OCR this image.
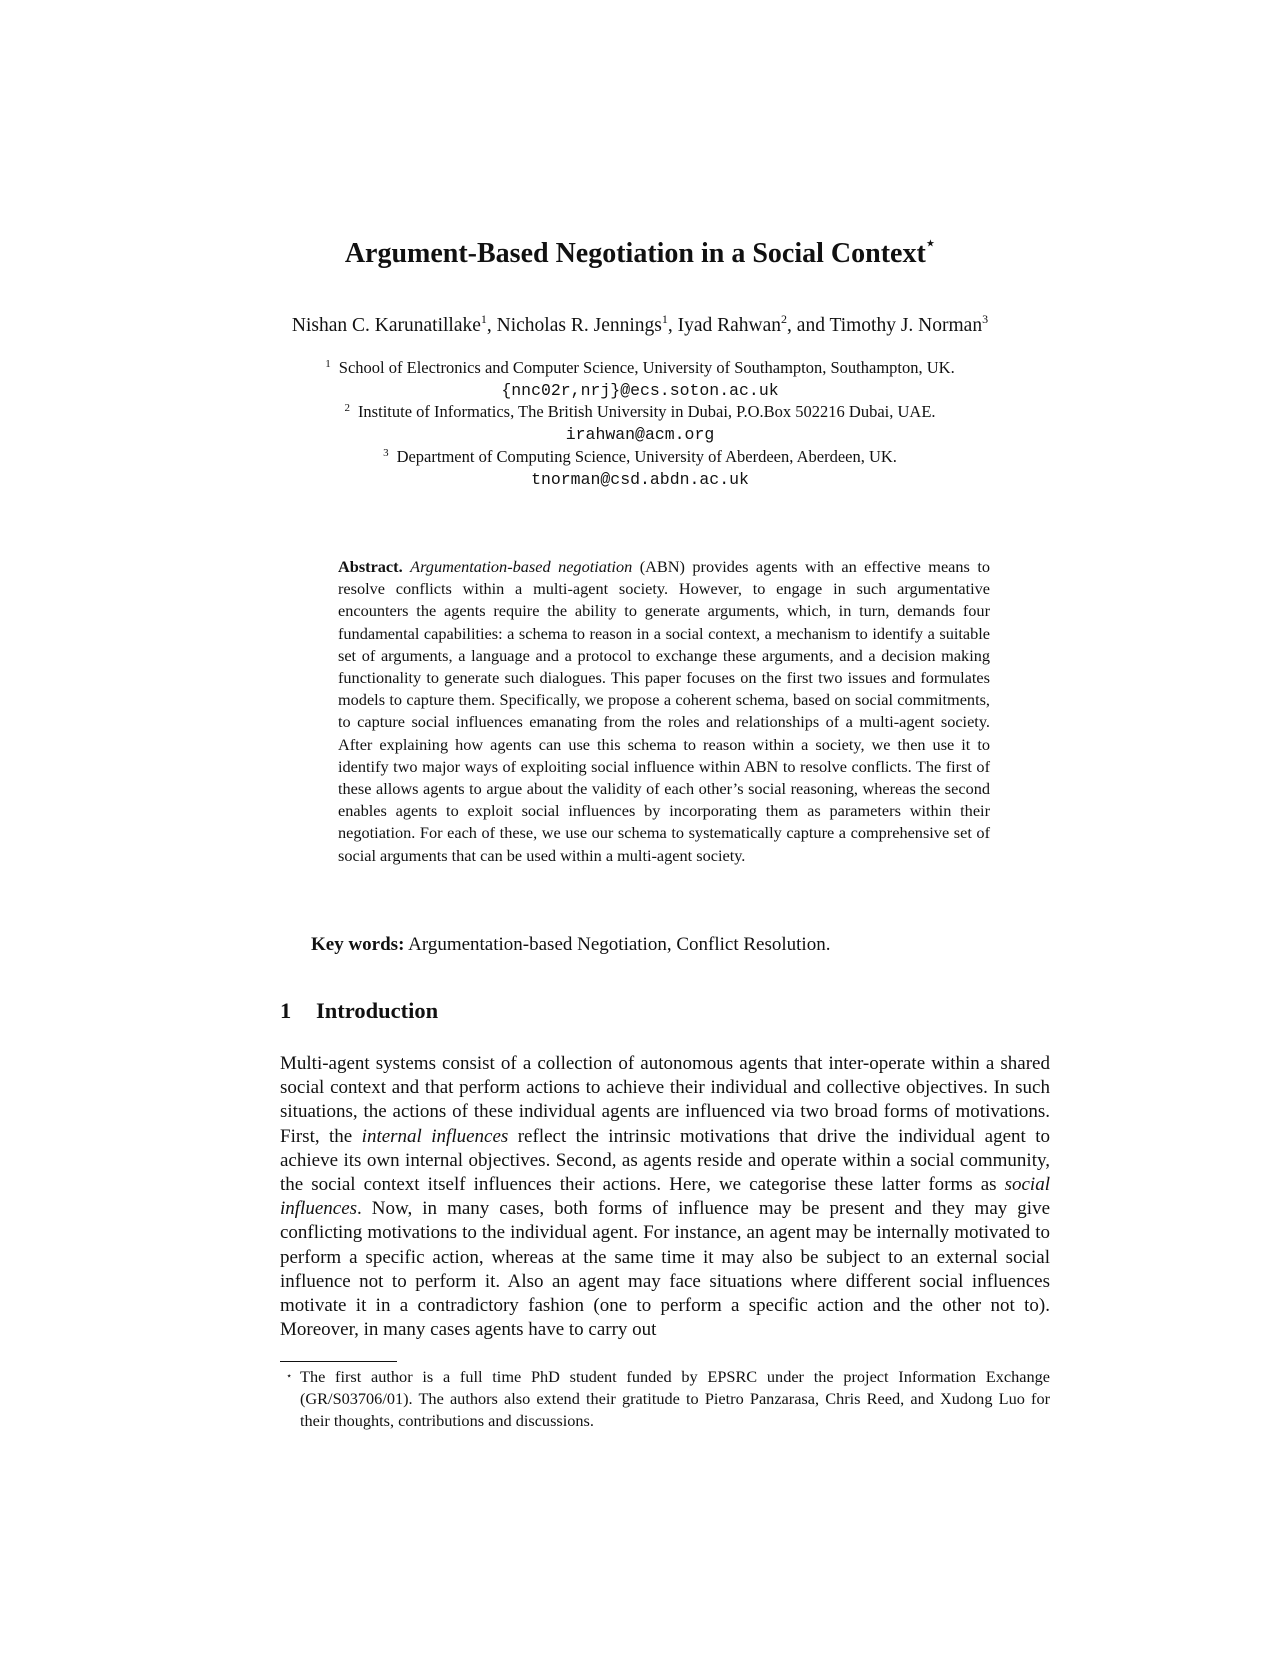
Argument-Based Negotiation in a Social Context⋆
Nishan C. Karunatillake$^1$, Nicholas R. Jennings$^1$, Iyad Rahwan$^2$, and Timothy J. Norman$^3$
$^1$ School of Electronics and Computer Science, University of Southampton, Southampton, UK.
{nnc02r,nrj}@ecs.soton.ac.uk
$^2$ Institute of Informatics, The British University in Dubai, P.O.Box 502216 Dubai, UAE.
irahwan@acm.org
$^3$ Department of Computing Science, University of Aberdeen, Aberdeen, UK.
tnorman@csd.abdn.ac.uk
Abstract. Argumentation-based negotiation (ABN) provides agents with an effective means to resolve conflicts within a multi-agent society. However, to engage in such argumentative encounters the agents require the ability to generate arguments, which, in turn, demands four fundamental capabilities: a schema to reason in a social context, a mechanism to identify a suitable set of arguments, a language and a protocol to exchange these arguments, and a decision making functionality to generate such dialogues. This paper focuses on the first two issues and formulates models to capture them. Specifically, we propose a coherent schema, based on social commitments, to capture social influences emanating from the roles and relationships of a multi-agent society. After explaining how agents can use this schema to reason within a society, we then use it to identify two major ways of exploiting social influence within ABN to resolve conflicts. The first of these allows agents to argue about the validity of each other’s social reasoning, whereas the second enables agents to exploit social influences by incorporating them as parameters within their negotiation. For each of these, we use our schema to systematically capture a comprehensive set of social arguments that can be used within a multi-agent society.
Key words: Argumentation-based Negotiation, Conflict Resolution.
1 Introduction
Multi-agent systems consist of a collection of autonomous agents that inter-operate within a shared social context and that perform actions to achieve their individual and collective objectives. In such situations, the actions of these individual agents are influenced via two broad forms of motivations. First, the internal influences reflect the intrinsic motivations that drive the individual agent to achieve its own internal objectives. Second, as agents reside and operate within a social community, the social context itself influences their actions. Here, we categorise these latter forms as social influences. Now, in many cases, both forms of influence may be present and they may give conflicting motivations to the individual agent. For instance, an agent may be internally motivated to perform a specific action, whereas at the same time it may also be subject to an external social influence not to perform it. Also an agent may face situations where different social influences motivate it in a contradictory fashion (one to perform a specific action and the other not to). Moreover, in many cases agents have to carry out
⋆ The first author is a full time PhD student funded by EPSRC under the project Information Exchange (GR/S03706/01). The authors also extend their gratitude to Pietro Panzarasa, Chris Reed, and Xudong Luo for their thoughts, contributions and discussions.
